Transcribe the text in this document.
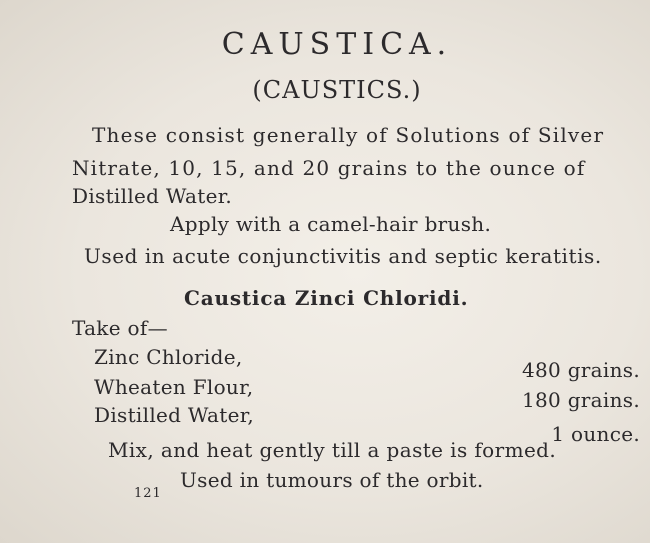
CAUSTICA.
(CAUSTICS.)
These consist generally of Solutions of Silver
Nitrate, 10, 15, and 20 grains to the ounce of
Distilled Water.
Apply with a camel-hair brush.
Used in acute conjunctivitis and septic keratitis.
Caustica Zinci Chloridi.
Take of—
Zinc Chloride,
480 grains.
Wheaten Flour,
180 grains.
Distilled Water,
1 ounce.
Mix, and heat gently till a paste is formed.
121
Used in tumours of the orbit.
